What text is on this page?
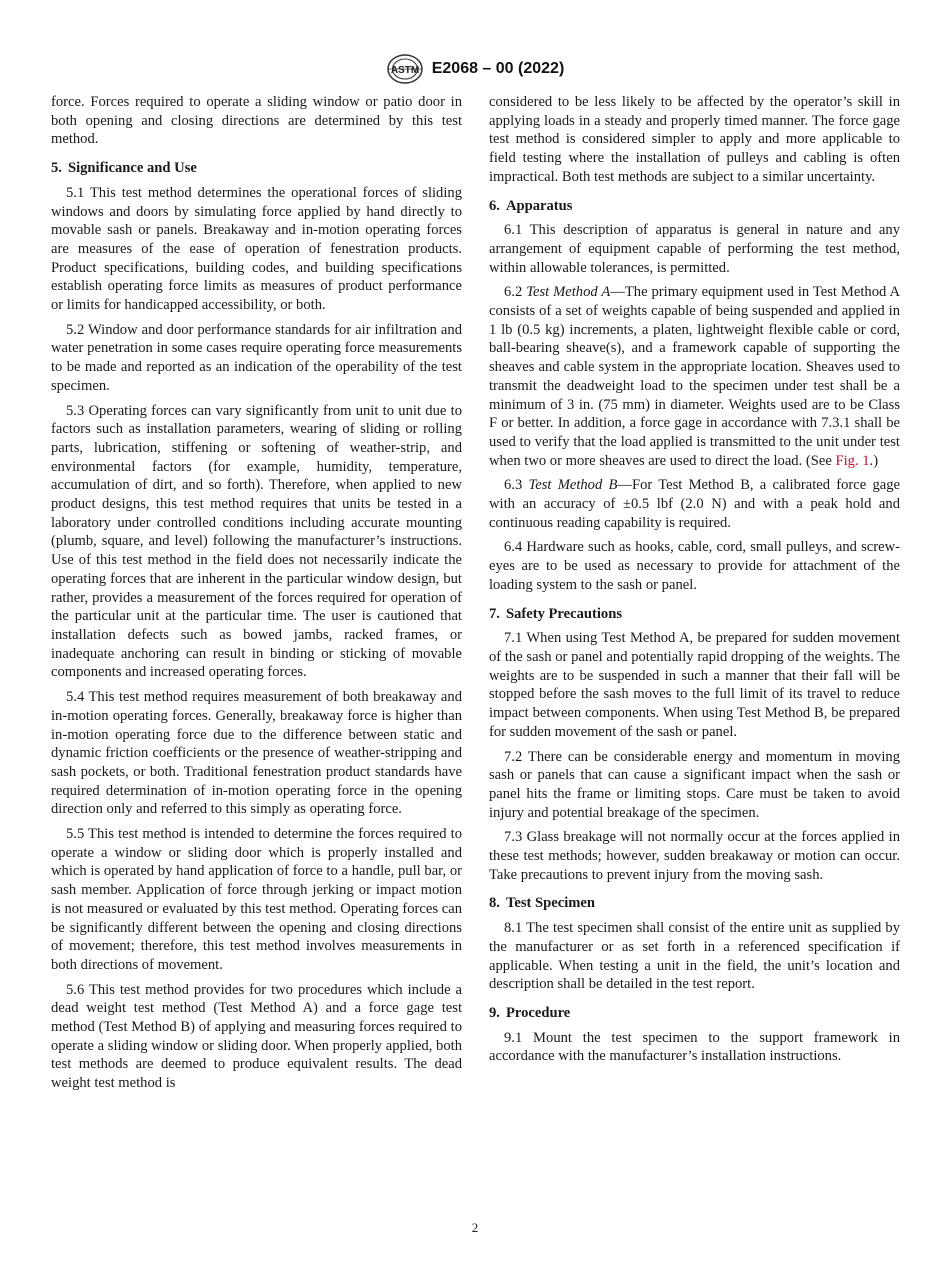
ASTM E2068 – 00 (2022)

force. Forces required to operate a sliding window or patio door in both opening and closing directions are determined by this test method.

5. Significance and Use

5.1 This test method determines the operational forces of sliding windows and doors by simulating force applied by hand directly to movable sash or panels. Breakaway and in-motion operating forces are measures of the ease of operation of fenestration products. Product specifications, building codes, and building specifications establish operating force limits as measures of product performance or limits for handicapped accessibility, or both.

5.2 Window and door performance standards for air infiltration and water penetration in some cases require operating force measurements to be made and reported as an indication of the operability of the test specimen.

5.3 Operating forces can vary significantly from unit to unit due to factors such as installation parameters, wearing of sliding or rolling parts, lubrication, stiffening or softening of weather-strip, and environmental factors (for example, humidity, temperature, accumulation of dirt, and so forth). Therefore, when applied to new product designs, this test method requires that units be tested in a laboratory under controlled conditions including accurate mounting (plumb, square, and level) following the manufacturer’s instructions. Use of this test method in the field does not necessarily indicate the operating forces that are inherent in the particular window design, but rather, provides a measurement of the forces required for operation of the particular unit at the particular time. The user is cautioned that installation defects such as bowed jambs, racked frames, or inadequate anchoring can result in binding or sticking of movable components and increased operating forces.

5.4 This test method requires measurement of both breakaway and in-motion operating forces. Generally, breakaway force is higher than in-motion operating force due to the difference between static and dynamic friction coefficients or the presence of weather-stripping and sash pockets, or both. Traditional fenestration product standards have required determination of in-motion operating force in the opening direction only and referred to this simply as operating force.

5.5 This test method is intended to determine the forces required to operate a window or sliding door which is properly installed and which is operated by hand application of force to a handle, pull bar, or sash member. Application of force through jerking or impact motion is not measured or evaluated by this test method. Operating forces can be significantly different between the opening and closing directions of movement; therefore, this test method involves measurements in both directions of movement.

5.6 This test method provides for two procedures which include a dead weight test method (Test Method A) and a force gage test method (Test Method B) of applying and measuring forces required to operate a sliding window or sliding door. When properly applied, both test methods are deemed to produce equivalent results. The dead weight test method is

considered to be less likely to be affected by the operator’s skill in applying loads in a steady and properly timed manner. The force gage test method is considered simpler to apply and more applicable to field testing where the installation of pulleys and cabling is often impractical. Both test methods are subject to a similar uncertainty.

6. Apparatus

6.1 This description of apparatus is general in nature and any arrangement of equipment capable of performing the test method, within allowable tolerances, is permitted.

6.2 Test Method A—The primary equipment used in Test Method A consists of a set of weights capable of being suspended and applied in 1 lb (0.5 kg) increments, a platen, lightweight flexible cable or cord, ball-bearing sheave(s), and a framework capable of supporting the sheaves and cable system in the appropriate location. Sheaves used to transmit the deadweight load to the specimen under test shall be a minimum of 3 in. (75 mm) in diameter. Weights used are to be Class F or better. In addition, a force gage in accordance with 7.3.1 shall be used to verify that the load applied is transmitted to the unit under test when two or more sheaves are used to direct the load. (See Fig. 1.)

6.3 Test Method B—For Test Method B, a calibrated force gage with an accuracy of ±0.5 lbf (2.0 N) and with a peak hold and continuous reading capability is required.

6.4 Hardware such as hooks, cable, cord, small pulleys, and screw-eyes are to be used as necessary to provide for attachment of the loading system to the sash or panel.

7. Safety Precautions

7.1 When using Test Method A, be prepared for sudden movement of the sash or panel and potentially rapid dropping of the weights. The weights are to be suspended in such a manner that their fall will be stopped before the sash moves to the full limit of its travel to reduce impact between components. When using Test Method B, be prepared for sudden movement of the sash or panel.

7.2 There can be considerable energy and momentum in moving sash or panels that can cause a significant impact when the sash or panel hits the frame or limiting stops. Care must be taken to avoid injury and potential breakage of the specimen.

7.3 Glass breakage will not normally occur at the forces applied in these test methods; however, sudden breakaway or motion can occur. Take precautions to prevent injury from the moving sash.

8. Test Specimen

8.1 The test specimen shall consist of the entire unit as supplied by the manufacturer or as set forth in a referenced specification if applicable. When testing a unit in the field, the unit’s location and description shall be detailed in the test report.

9. Procedure

9.1 Mount the test specimen to the support framework in accordance with the manufacturer’s installation instructions.

2
